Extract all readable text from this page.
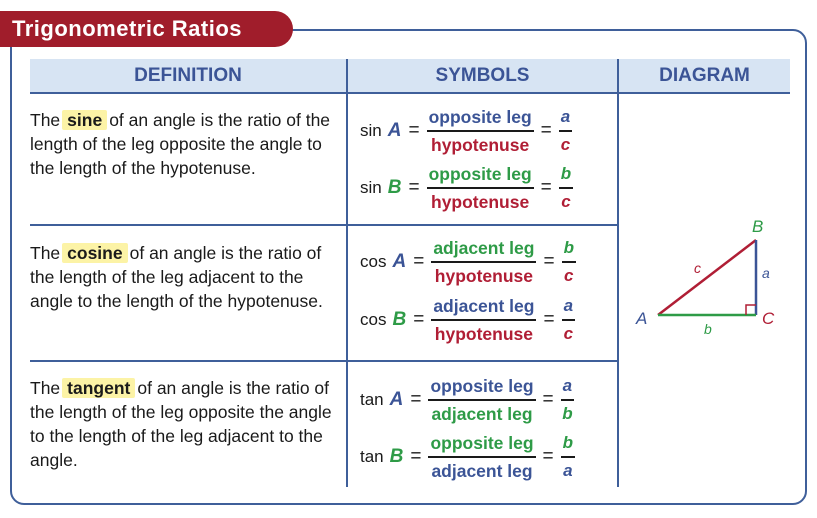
Trigonometric Ratios
DEFINITION	SYMBOLS	DIAGRAM
The sine of an angle is the ratio of the length of the leg opposite the angle to the length of the hypotenuse.
$\sin A = \frac{\text{opposite leg}}{\text{hypotenuse}} = \frac{a}{c}$
$\sin B = \frac{\text{opposite leg}}{\text{hypotenuse}} = \frac{b}{c}$
The cosine of an angle is the ratio of the length of the leg adjacent to the angle to the length of the hypotenuse.
$\cos A = \frac{\text{adjacent leg}}{\text{hypotenuse}} = \frac{b}{c}$
$\cos B = \frac{\text{adjacent leg}}{\text{hypotenuse}} = \frac{a}{c}$
The tangent of an angle is the ratio of the length of the leg opposite the angle to the length of the leg adjacent to the angle.
$\tan A = \frac{\text{opposite leg}}{\text{adjacent leg}} = \frac{a}{b}$
$\tan B = \frac{\text{opposite leg}}{\text{adjacent leg}} = \frac{b}{a}$
A
B
C
a
b
c
